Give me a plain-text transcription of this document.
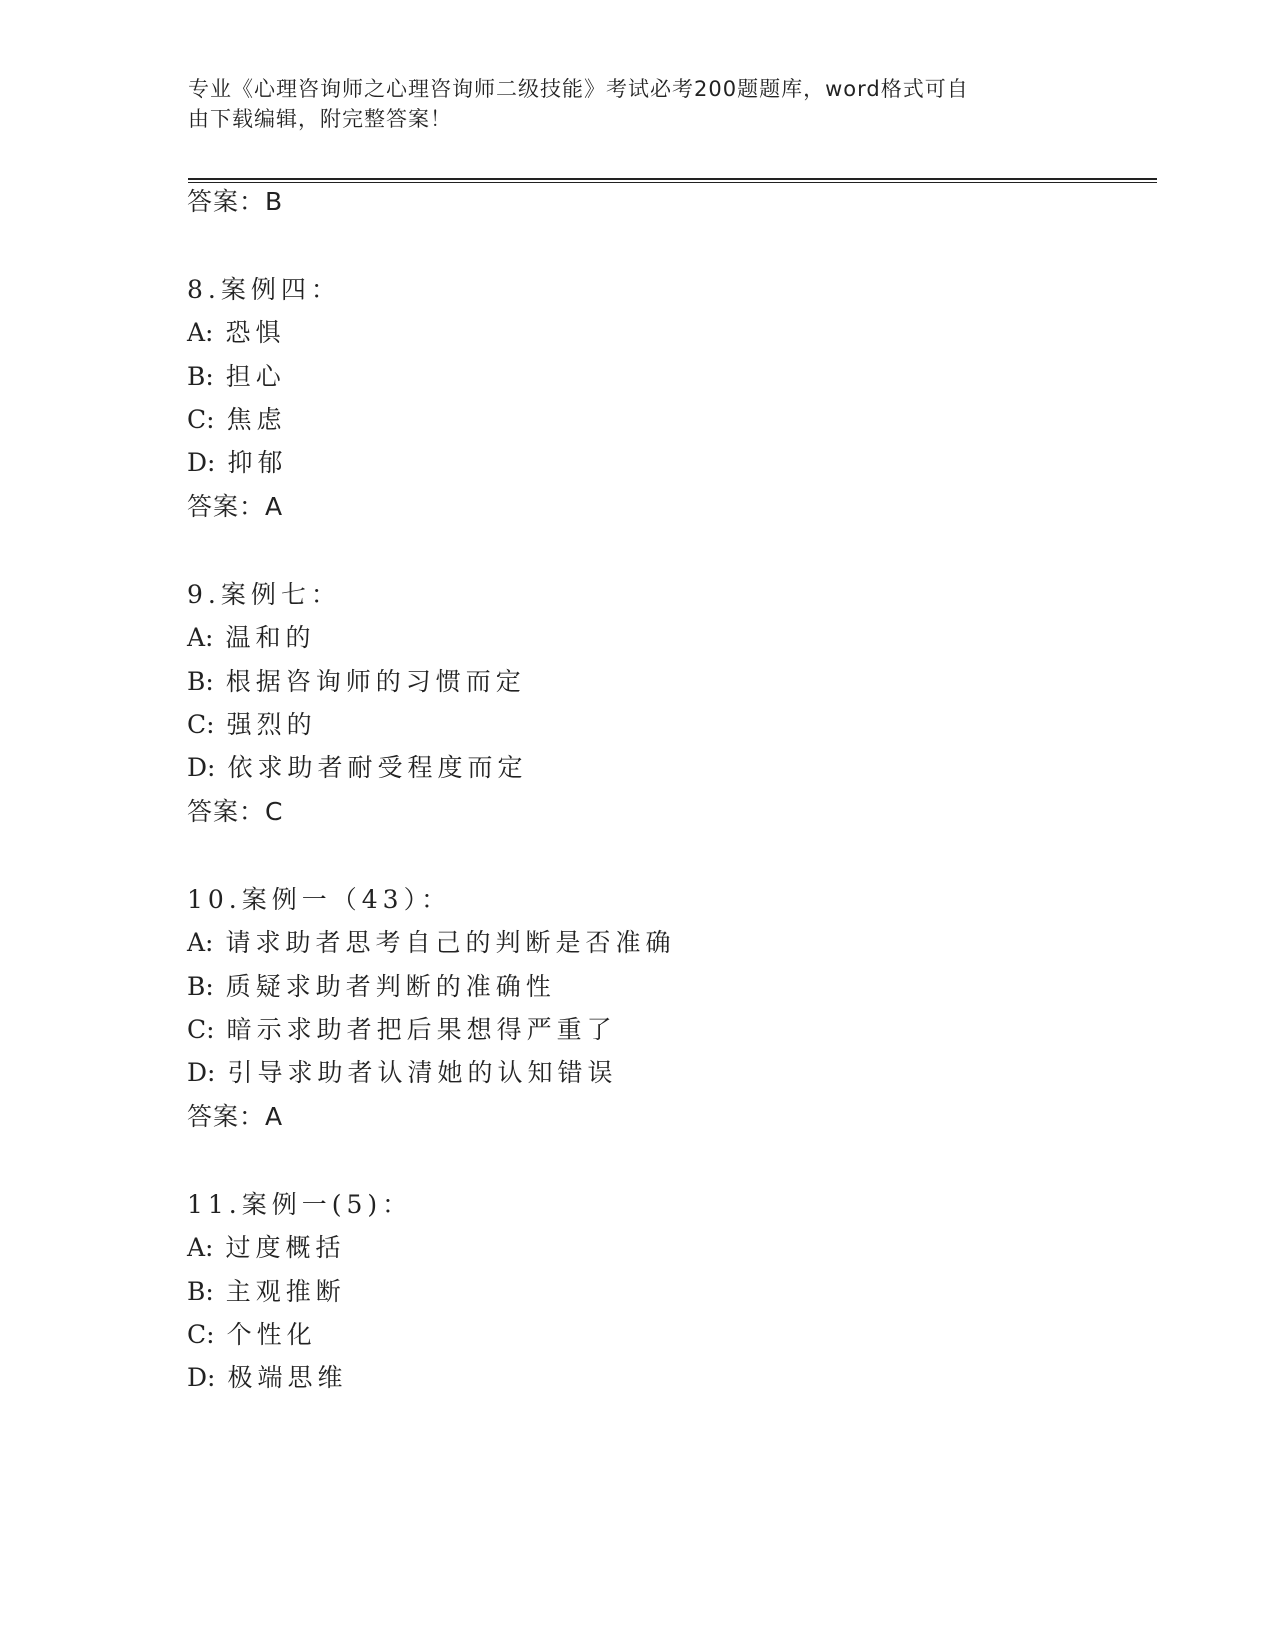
专业《心理咨询师之心理咨询师二级技能》考试必考200题题库，word格式可自
由下载编辑，附完整答案！
答案：B
8.案例四：
A: 恐惧
B: 担心
C: 焦虑
D: 抑郁
答案：A
9.案例七：
A: 温和的
B: 根据咨询师的习惯而定
C: 强烈的
D: 依求助者耐受程度而定
答案：C
10.案例一（43）：
A: 请求助者思考自己的判断是否准确
B: 质疑求助者判断的准确性
C: 暗示求助者把后果想得严重了
D: 引导求助者认清她的认知错误
答案：A
11.案例一(5)：
A: 过度概括
B: 主观推断
C: 个性化
D: 极端思维
